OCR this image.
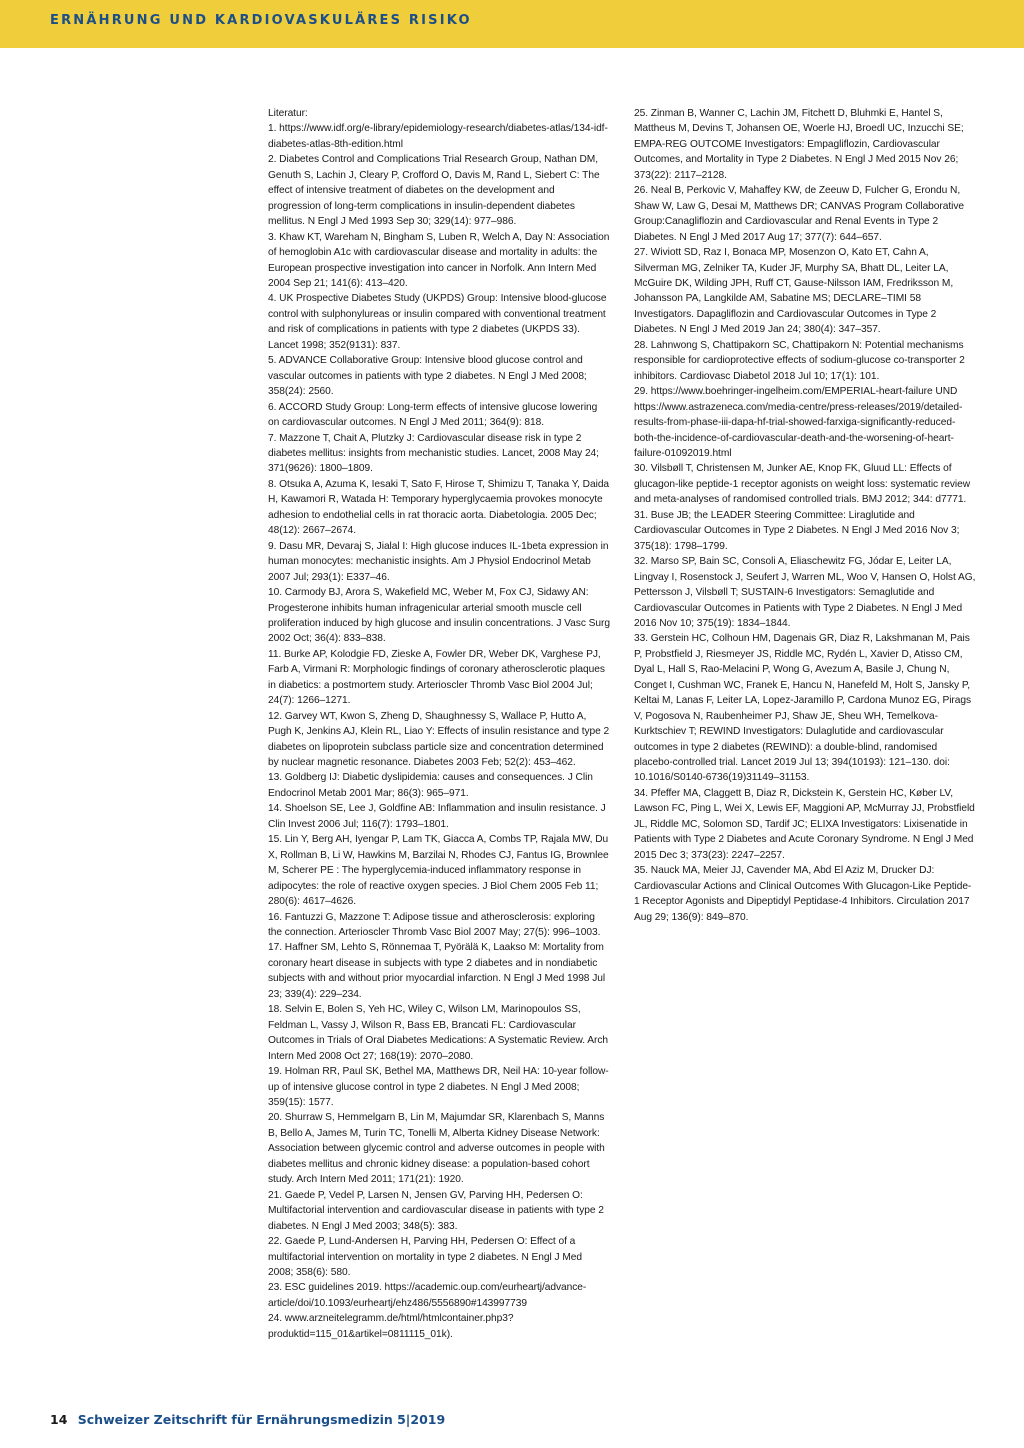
ERNÄHRUNG UND KARDIOVASKULÄRES RISIKO

Literatur:

1. https://www.idf.org/e-library/epidemiology-research/diabetes-atlas/134-idf-diabetes-atlas-8th-edition.html

2. Diabetes Control and Complications Trial Research Group, Nathan DM, Genuth S, Lachin J, Cleary P, Crofford O, Davis M, Rand L, Siebert C: The effect of intensive treatment of diabetes on the development and progression of long-term complications in insulin-dependent diabetes mellitus. N Engl J Med 1993 Sep 30; 329(14): 977–986.

3. Khaw KT, Wareham N, Bingham S, Luben R, Welch A, Day N: Association of hemoglobin A1c with cardiovascular disease and mortality in adults: the European prospective investigation into cancer in Norfolk. Ann Intern Med 2004 Sep 21; 141(6): 413–420.

4. UK Prospective Diabetes Study (UKPDS) Group: Intensive blood-glucose control with sulphonylureas or insulin compared with conventional treatment and risk of complications in patients with type 2 diabetes (UKPDS 33). Lancet 1998; 352(9131): 837.

5. ADVANCE Collaborative Group: Intensive blood glucose control and vascular outcomes in patients with type 2 diabetes. N Engl J Med 2008; 358(24): 2560.

6. ACCORD Study Group: Long-term effects of intensive glucose lowering on cardiovascular outcomes. N Engl J Med 2011; 364(9): 818.

7. Mazzone T, Chait A, Plutzky J: Cardiovascular disease risk in type 2 diabetes mellitus: insights from mechanistic studies. Lancet, 2008 May 24; 371(9626): 1800–1809.

8. Otsuka A, Azuma K, Iesaki T, Sato F, Hirose T, Shimizu T, Tanaka Y, Daida H, Kawamori R, Watada H: Temporary hyperglycaemia provokes monocyte adhesion to endothelial cells in rat thoracic aorta. Diabetologia. 2005 Dec; 48(12): 2667–2674.

9. Dasu MR, Devaraj S, Jialal I: High glucose induces IL-1beta expression in human monocytes: mechanistic insights. Am J Physiol Endocrinol Metab 2007 Jul; 293(1): E337–46.

10. Carmody BJ, Arora S, Wakefield MC, Weber M, Fox CJ, Sidawy AN: Progesterone inhibits human infragenicular arterial smooth muscle cell proliferation induced by high glucose and insulin concentrations. J Vasc Surg 2002 Oct; 36(4): 833–838.

11. Burke AP, Kolodgie FD, Zieske A, Fowler DR, Weber DK, Varghese PJ, Farb A, Virmani R: Morphologic findings of coronary atherosclerotic plaques in diabetics: a postmortem study. Arterioscler Thromb Vasc Biol 2004 Jul; 24(7): 1266–1271.

12. Garvey WT, Kwon S, Zheng D, Shaughnessy S, Wallace P, Hutto A, Pugh K, Jenkins AJ, Klein RL, Liao Y: Effects of insulin resistance and type 2 diabetes on lipoprotein subclass particle size and concentration determined by nuclear magnetic resonance. Diabetes 2003 Feb; 52(2): 453–462.

13. Goldberg IJ: Diabetic dyslipidemia: causes and consequences. J Clin Endocrinol Metab 2001 Mar; 86(3): 965–971.

14. Shoelson SE, Lee J, Goldfine AB: Inflammation and insulin resistance. J Clin Invest 2006 Jul; 116(7): 1793–1801.

15. Lin Y, Berg AH, Iyengar P, Lam TK, Giacca A, Combs TP, Rajala MW, Du X, Rollman B, Li W, Hawkins M, Barzilai N, Rhodes CJ, Fantus IG, Brownlee M, Scherer PE : The hyperglycemia-induced inflammatory response in adipocytes: the role of reactive oxygen species. J Biol Chem 2005 Feb 11; 280(6): 4617–4626.

16. Fantuzzi G, Mazzone T: Adipose tissue and atherosclerosis: exploring the connection. Arterioscler Thromb Vasc Biol 2007 May; 27(5): 996–1003.

17. Haffner SM, Lehto S, Rönnemaa T, Pyörälä K, Laakso M: Mortality from coronary heart disease in subjects with type 2 diabetes and in nondiabetic subjects with and without prior myocardial infarction. N Engl J Med 1998 Jul 23; 339(4): 229–234.

18. Selvin E, Bolen S, Yeh HC, Wiley C, Wilson LM, Marinopoulos SS, Feldman L, Vassy J, Wilson R, Bass EB, Brancati FL: Cardiovascular Outcomes in Trials of Oral Diabetes Medications: A Systematic Review. Arch Intern Med 2008 Oct 27; 168(19): 2070–2080.

19. Holman RR, Paul SK, Bethel MA, Matthews DR, Neil HA: 10-year follow-up of intensive glucose control in type 2 diabetes. N Engl J Med 2008; 359(15): 1577.

20. Shurraw S, Hemmelgarn B, Lin M, Majumdar SR, Klarenbach S, Manns B, Bello A, James M, Turin TC, Tonelli M, Alberta Kidney Disease Network: Association between glycemic control and adverse outcomes in people with diabetes mellitus and chronic kidney disease: a population-based cohort study. Arch Intern Med 2011; 171(21): 1920.

21. Gaede P, Vedel P, Larsen N, Jensen GV, Parving HH, Pedersen O: Multifactorial intervention and cardiovascular disease in patients with type 2 diabetes. N Engl J Med 2003; 348(5): 383.

22. Gaede P, Lund-Andersen H, Parving HH, Pedersen O: Effect of a multifactorial intervention on mortality in type 2 diabetes. N Engl J Med 2008; 358(6): 580.

23. ESC guidelines 2019. https://academic.oup.com/eurheartj/advance-article/doi/10.1093/eurheartj/ehz486/5556890#143997739

24. www.arzneitelegramm.de/html/htmlcontainer.php3?produktid=115_01&artikel=0811115_01k).

25. Zinman B, Wanner C, Lachin JM, Fitchett D, Bluhmki E, Hantel S, Mattheus M, Devins T, Johansen OE, Woerle HJ, Broedl UC, Inzucchi SE; EMPA-REG OUTCOME Investigators: Empagliflozin, Cardiovascular Outcomes, and Mortality in Type 2 Diabetes. N Engl J Med 2015 Nov 26; 373(22): 2117–2128.

26. Neal B, Perkovic V, Mahaffey KW, de Zeeuw D, Fulcher G, Erondu N, Shaw W, Law G, Desai M, Matthews DR; CANVAS Program Collaborative Group:Canagliflozin and Cardiovascular and Renal Events in Type 2 Diabetes. N Engl J Med 2017 Aug 17; 377(7): 644–657.

27. Wiviott SD, Raz I, Bonaca MP, Mosenzon O, Kato ET, Cahn A, Silverman MG, Zelniker TA, Kuder JF, Murphy SA, Bhatt DL, Leiter LA, McGuire DK, Wilding JPH, Ruff CT, Gause-Nilsson IAM, Fredriksson M, Johansson PA, Langkilde AM, Sabatine MS; DECLARE–TIMI 58 Investigators. Dapagliflozin and Cardiovascular Outcomes in Type 2 Diabetes. N Engl J Med 2019 Jan 24; 380(4): 347–357.

28. Lahnwong S, Chattipakorn SC, Chattipakorn N: Potential mechanisms responsible for cardioprotective effects of sodium-glucose co-transporter 2 inhibitors. Cardiovasc Diabetol 2018 Jul 10; 17(1): 101.

29. https://www.boehringer-ingelheim.com/EMPERIAL-heart-failure UND https://www.astrazeneca.com/media-centre/press-releases/2019/detailed-results-from-phase-iii-dapa-hf-trial-showed-farxiga-significantly-reduced-both-the-incidence-of-cardiovascular-death-and-the-worsening-of-heart-failure-01092019.html

30. Vilsbøll T, Christensen M, Junker AE, Knop FK, Gluud LL: Effects of glucagon-like peptide-1 receptor agonists on weight loss: systematic review and meta-analyses of randomised controlled trials. BMJ 2012; 344: d7771.

31. Buse JB; the LEADER Steering Committee: Liraglutide and Cardiovascular Outcomes in Type 2 Diabetes. N Engl J Med 2016 Nov 3; 375(18): 1798–1799.

32. Marso SP, Bain SC, Consoli A, Eliaschewitz FG, Jódar E, Leiter LA, Lingvay I, Rosenstock J, Seufert J, Warren ML, Woo V, Hansen O, Holst AG, Pettersson J, Vilsbøll T; SUSTAIN-6 Investigators: Semaglutide and Cardiovascular Outcomes in Patients with Type 2 Diabetes. N Engl J Med 2016 Nov 10; 375(19): 1834–1844.

33. Gerstein HC, Colhoun HM, Dagenais GR, Diaz R, Lakshmanan M, Pais P, Probstfield J, Riesmeyer JS, Riddle MC, Rydén L, Xavier D, Atisso CM, Dyal L, Hall S, Rao-Melacini P, Wong G, Avezum A, Basile J, Chung N, Conget I, Cushman WC, Franek E, Hancu N, Hanefeld M, Holt S, Jansky P, Keltai M, Lanas F, Leiter LA, Lopez-Jaramillo P, Cardona Munoz EG, Pirags V, Pogosova N, Raubenheimer PJ, Shaw JE, Sheu WH, Temelkova-Kurktschiev T; REWIND Investigators: Dulaglutide and cardiovascular outcomes in type 2 diabetes (REWIND): a double-blind, randomised placebo-controlled trial. Lancet 2019 Jul 13; 394(10193): 121–130. doi: 10.1016/S0140-6736(19)31149–31153.

34. Pfeffer MA, Claggett B, Diaz R, Dickstein K, Gerstein HC, Køber LV, Lawson FC, Ping L, Wei X, Lewis EF, Maggioni AP, McMurray JJ, Probstfield JL, Riddle MC, Solomon SD, Tardif JC; ELIXA Investigators: Lixisenatide in Patients with Type 2 Diabetes and Acute Coronary Syndrome. N Engl J Med 2015 Dec 3; 373(23): 2247–2257.

35. Nauck MA, Meier JJ, Cavender MA, Abd El Aziz M, Drucker DJ: Cardiovascular Actions and Clinical Outcomes With Glucagon-Like Peptide-1 Receptor Agonists and Dipeptidyl Peptidase-4 Inhibitors. Circulation 2017 Aug 29; 136(9): 849–870.

14 Schweizer Zeitschrift für Ernährungsmedizin 5|2019
